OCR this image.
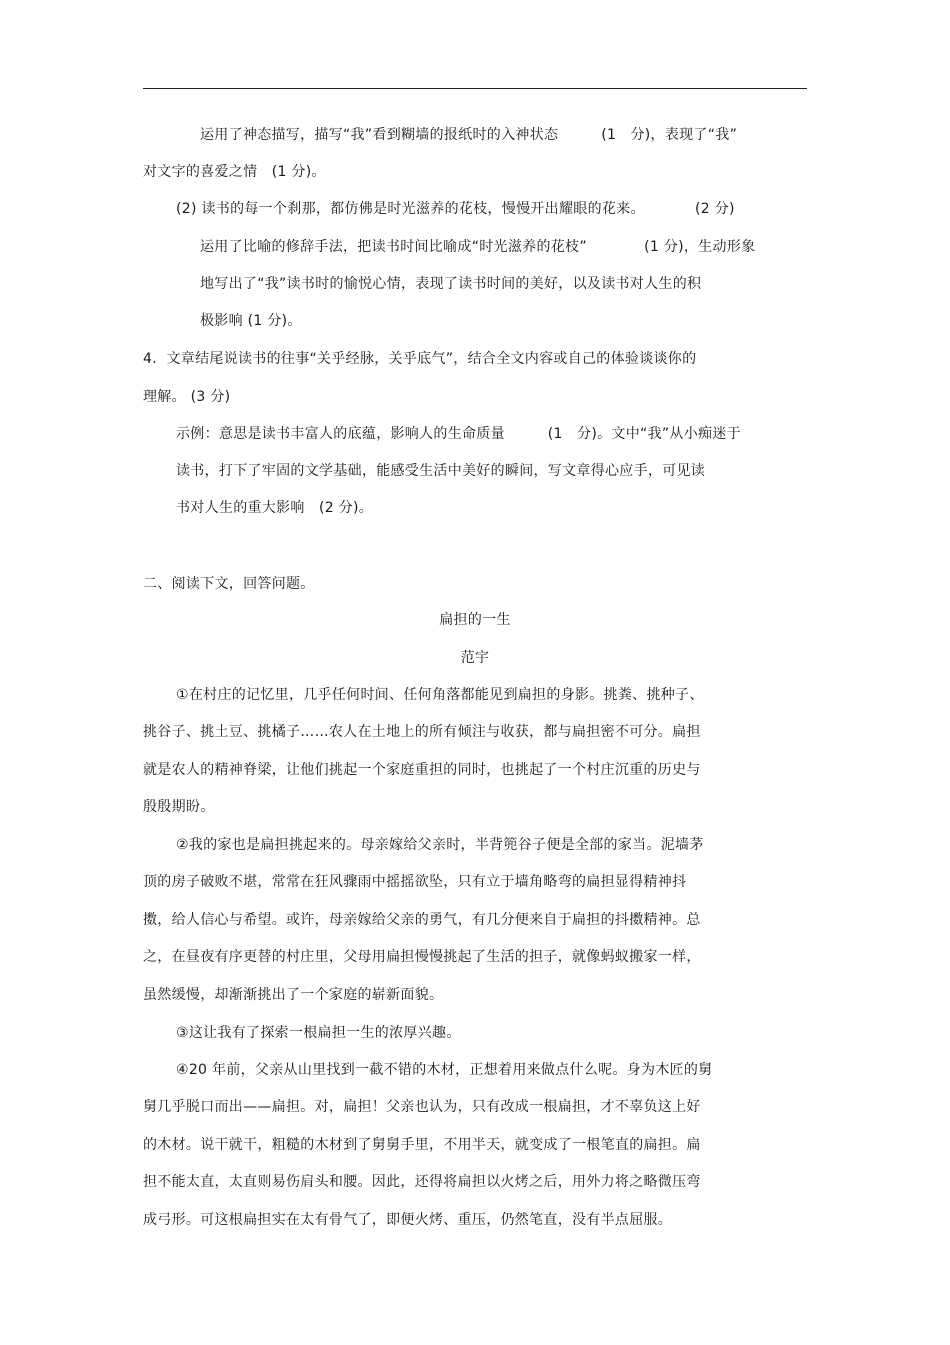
运用了神态描写，描写“我”看到糊墙的报纸时的入神状态　　　(1　分)，表现了“我”
对文字的喜爱之情　(1 分)。
(2) 读书的每一个刹那，都仿佛是时光滋养的花枝，慢慢开出耀眼的花来。　　　　(2 分)
运用了比喻的修辞手法，把读书时间比喻成“时光滋养的花枝”　　　　(1 分)，生动形象
地写出了“我”读书时的愉悦心情，表现了读书时间的美好，以及读书对人生的积
极影响 (1 分)。
4．文章结尾说读书的往事“关乎经脉，关乎底气”，结合全文内容或自己的体验谈谈你的
理解。 (3 分)
示例：意思是读书丰富人的底蕴，影响人的生命质量　　　(1　分)。文中“我”从小痴迷于
读书，打下了牢固的文学基础，能感受生活中美好的瞬间，写文章得心应手，可见读
书对人生的重大影响　(2 分)。
二、阅读下文，回答问题。
扁担的一生
范宇
①在村庄的记忆里，几乎任何时间、任何角落都能见到扁担的身影。挑粪、挑种子、
挑谷子、挑土豆、挑橘子……农人在土地上的所有倾注与收获，都与扁担密不可分。扁担
就是农人的精神脊梁，让他们挑起一个家庭重担的同时，也挑起了一个村庄沉重的历史与
殷殷期盼。
②我的家也是扁担挑起来的。母亲嫁给父亲时，半背篼谷子便是全部的家当。泥墙茅
顶的房子破败不堪，常常在狂风骤雨中摇摇欲坠，只有立于墙角略弯的扁担显得精神抖
擞，给人信心与希望。或许，母亲嫁给父亲的勇气，有几分便来自于扁担的抖擞精神。总
之，在昼夜有序更替的村庄里，父母用扁担慢慢挑起了生活的担子，就像蚂蚁搬家一样，
虽然缓慢，却渐渐挑出了一个家庭的崭新面貌。
③这让我有了探索一根扁担一生的浓厚兴趣。
④20 年前，父亲从山里找到一截不错的木材，正想着用来做点什么呢。身为木匠的舅
舅几乎脱口而出——扁担。对，扁担！父亲也认为，只有改成一根扁担，才不辜负这上好
的木材。说干就干，粗糙的木材到了舅舅手里，不用半天，就变成了一根笔直的扁担。扁
担不能太直，太直则易伤肩头和腰。因此，还得将扁担以火烤之后，用外力将之略微压弯
成弓形。可这根扁担实在太有骨气了，即便火烤、重压，仍然笔直，没有半点屈服。
